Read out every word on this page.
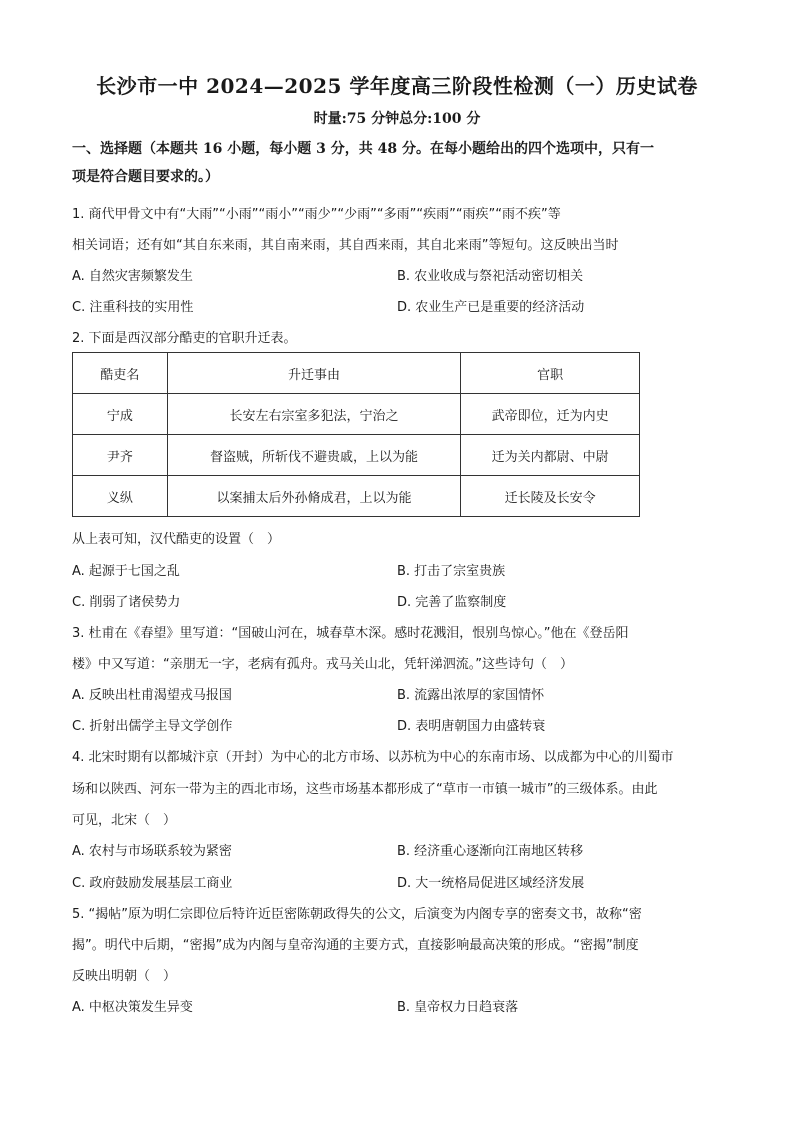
长沙市一中 2024—2025 学年度高三阶段性检测（一）历史试卷
时量:75 分钟总分:100 分
一、选择题（本题共 16 小题，每小题 3 分，共 48 分。在每小题给出的四个选项中，只有一
项是符合题目要求的。）
1. 商代甲骨文中有“大雨”“小雨”“雨小”“雨少”“少雨”“多雨”“疾雨”“雨疾”“雨不疾”等
相关词语；还有如“其自东来雨，其自南来雨，其自西来雨，其自北来雨”等短句。这反映出当时
A. 自然灾害频繁发生	B. 农业收成与祭祀活动密切相关
C. 注重科技的实用性	D. 农业生产已是重要的经济活动
2. 下面是西汉部分酷吏的官职升迁表。
酷吏名	升迁事由	官职
宁成	长安左右宗室多犯法，宁治之	武帝即位，迁为内史
尹齐	督盗贼，所斩伐不避贵戚，上以为能	迁为关内都尉、中尉
义纵	以案捕太后外孙脩成君，上以为能	迁长陵及长安令
从上表可知，汉代酷吏的设置（　）
A. 起源于七国之乱	B. 打击了宗室贵族
C. 削弱了诸侯势力	D. 完善了监察制度
3. 杜甫在《春望》里写道：“国破山河在，城春草木深。感时花溅泪，恨别鸟惊心。”他在《登岳阳
楼》中又写道：“亲朋无一字，老病有孤舟。戎马关山北，凭轩涕泗流。”这些诗句（　）
A. 反映出杜甫渴望戎马报国	B. 流露出浓厚的家国情怀
C. 折射出儒学主导文学创作	D. 表明唐朝国力由盛转衰
4. 北宋时期有以都城汴京（开封）为中心的北方市场、以苏杭为中心的东南市场、以成都为中心的川蜀市
场和以陕西、河东一带为主的西北市场，这些市场基本都形成了“草市一市镇一城市”的三级体系。由此
可见，北宋（　）
A. 农村与市场联系较为紧密	B. 经济重心逐渐向江南地区转移
C. 政府鼓励发展基层工商业	D. 大一统格局促进区域经济发展
5. “揭帖”原为明仁宗即位后特许近臣密陈朝政得失的公文，后演变为内阁专享的密奏文书，故称“密
揭”。明代中后期，“密揭”成为内阁与皇帝沟通的主要方式，直接影响最高决策的形成。“密揭”制度
反映出明朝（　）
A. 中枢决策发生异变	B. 皇帝权力日趋衰落
